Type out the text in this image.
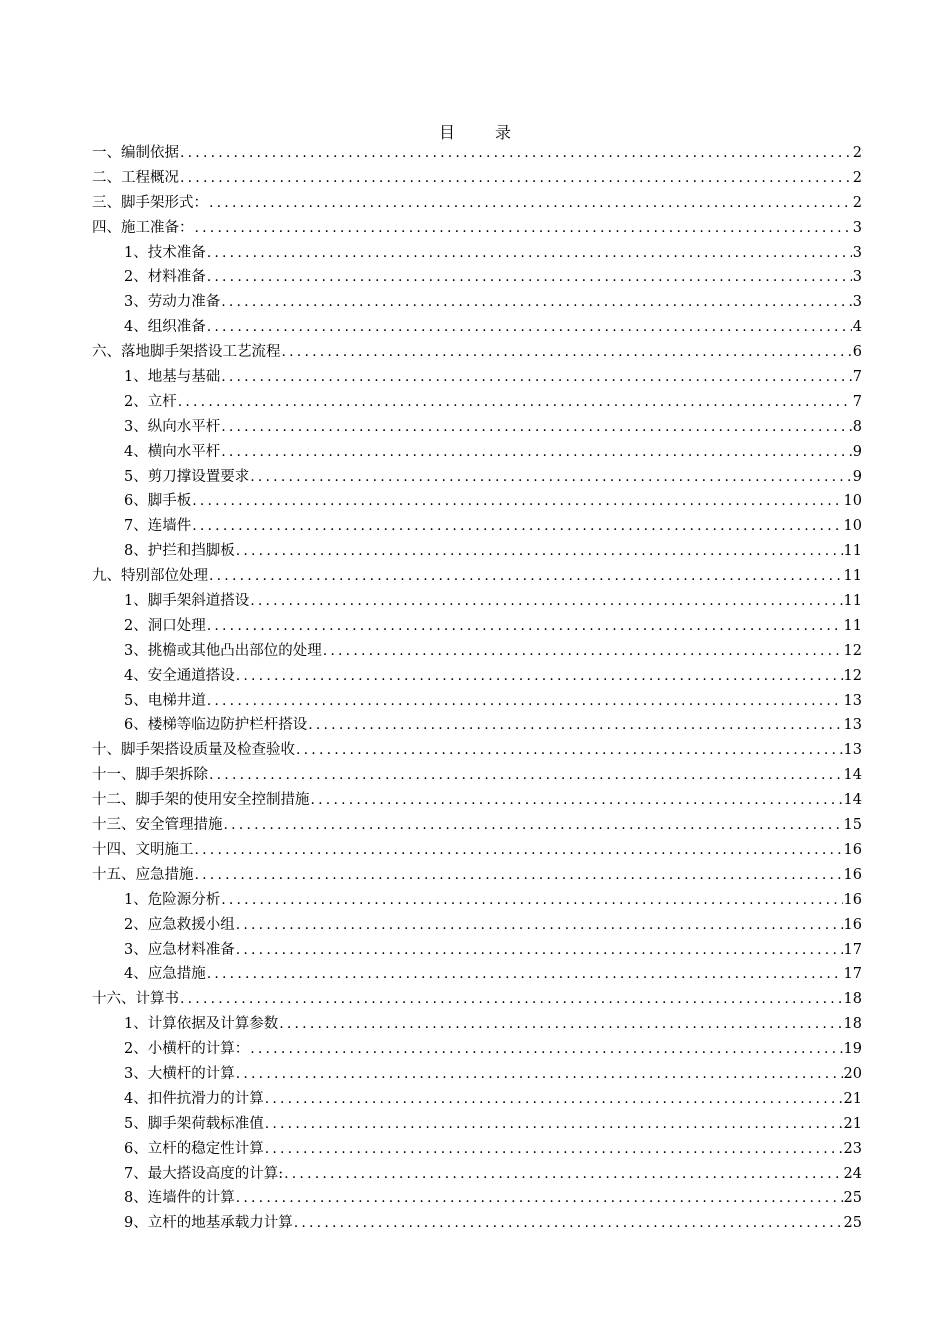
目	录
一、编制依据 .....	2
二、工程概况 .....	2
三、脚手架形式： .....	2
四、施工准备： .....	3
1、技术准备 .....	3
2、材料准备 .....	3
3、劳动力准备 .....	3
4、组织准备 .....	4
六、落地脚手架搭设工艺流程 .....	6
1、地基与基础 .....	7
2、立杆 .....	7
3、纵向水平杆 .....	8
4、横向水平杆 .....	9
5、剪刀撑设置要求 .....	9
6、脚手板 .....	10
7、连墙件 .....	10
8、护拦和挡脚板 .....	11
九、特别部位处理 .....	11
1、脚手架斜道搭设 .....	11
2、洞口处理 .....	11
3、挑檐或其他凸出部位的处理 .....	12
4、安全通道搭设 .....	12
5、电梯井道 .....	13
6、楼梯等临边防护栏杆搭设 .....	13
十、脚手架搭设质量及检查验收 .....	13
十一、脚手架拆除 .....	14
十二、脚手架的使用安全控制措施 .....	14
十三、安全管理措施 .....	15
十四、文明施工 .....	16
十五、应急措施 .....	16
1、危险源分析 .....	16
2、应急救援小组 .....	16
3、应急材料准备 .....	17
4、应急措施 .....	17
十六、计算书 .....	18
1、计算依据及计算参数 .....	18
2、小横杆的计算： .....	19
3、大横杆的计算 .....	20
4、扣件抗滑力的计算 .....	21
5、脚手架荷载标准值 .....	21
6、立杆的稳定性计算 .....	23
7、最大搭设高度的计算: .....	24
8、连墙件的计算 .....	25
9、立杆的地基承载力计算 .....	25
